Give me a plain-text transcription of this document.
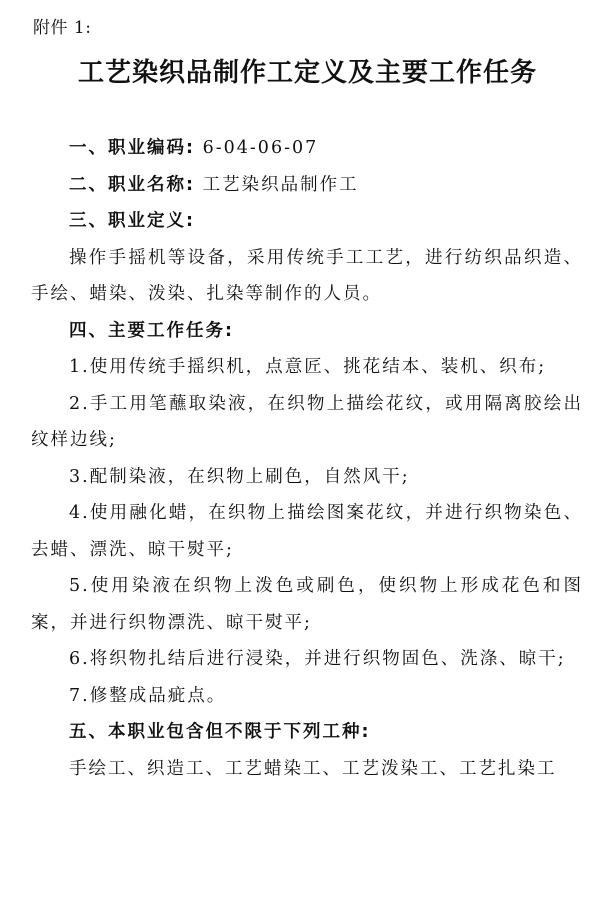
附件 1:
工艺染织品制作工定义及主要工作任务

一、职业编码: 6-04-06-07

二、职业名称: 工艺染织品制作工

三、职业定义:

操作手摇机等设备，采用传统手工工艺，进行纺织品织造、手绘、蜡染、泼染、扎染等制作的人员。

四、主要工作任务:

1.使用传统手摇织机，点意匠、挑花结本、装机、织布;

2.手工用笔蘸取染液，在织物上描绘花纹，或用隔离胶绘出纹样边线;

3.配制染液，在织物上刷色，自然风干;

4.使用融化蜡，在织物上描绘图案花纹，并进行织物染色、去蜡、漂洗、晾干熨平;

5.使用染液在织物上泼色或刷色，使织物上形成花色和图案，并进行织物漂洗、晾干熨平;

6.将织物扎结后进行浸染，并进行织物固色、洗涤、晾干;

7.修整成品疵点。

五、本职业包含但不限于下列工种:

手绘工、织造工、工艺蜡染工、工艺泼染工、工艺扎染工
